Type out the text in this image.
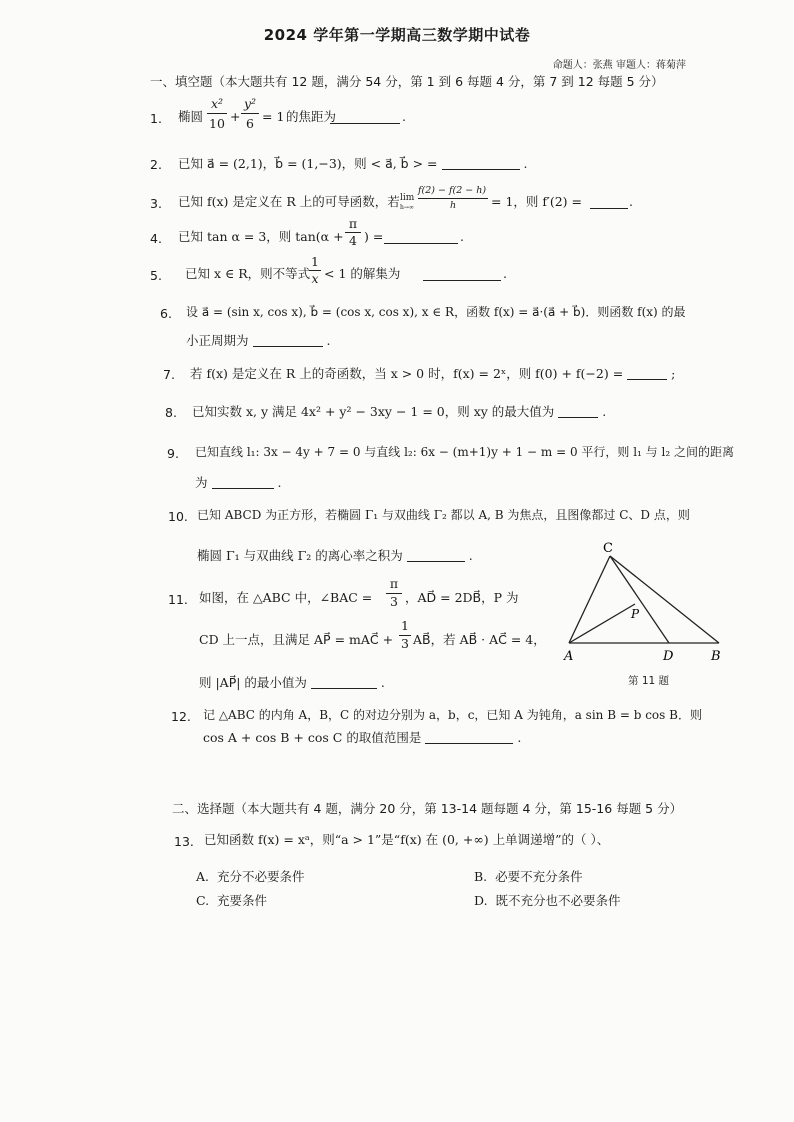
2024 学年第一学期高三数学期中试卷
命题人：张燕 审题人：蒋菊萍
一、填空题（本大题共有 12 题，满分 54 分，第 1 到 6 每题 4 分，第 7 到 12 每题 5 分）
1. 椭圆
x²
10 +
y²
6 = 1 的焦距为	.
2. 已知 a⃗ = (2,1)，b⃗ = (1,−3)，则 < a⃗, b⃗ > =	.
3. 已知 f(x) 是定义在 R 上的可导函数，若 lim
h→∞
f(2) − f(2 − h)
h	= 1，则 f′(2) =	.
4. 已知 tan α = 3，则 tan(α +
π
4 ) =	.
5. 已知 x ∈ R，则不等式
1
x < 1 的解集为	.
6. 设 a⃗ = (sin x, cos x), b⃗ = (cos x, cos x), x ∈ R，函数 f(x) = a⃗·(a⃗ + b⃗)．则函数 f(x) 的最
小正周期为	.
7. 若 f(x) 是定义在 R 上的奇函数，当 x > 0 时，f(x) = 2ˣ，则 f(0) + f(−2) =	;
8. 已知实数 x, y 满足 4x² + y² − 3xy − 1 = 0，则 xy 的最大值为	.
9. 已知直线 l₁: 3x − 4y + 7 = 0 与直线 l₂: 6x − (m+1)y + 1 − m = 0 平行，则 l₁ 与 l₂ 之间的距离
为	.
10. 已知 ABCD 为正方形，若椭圆 Γ₁ 与双曲线 Γ₂ 都以 A, B 为焦点，且图像都过 C、D 点，则
椭圆 Γ₁ 与双曲线 Γ₂ 的离心率之积为	.
11. 如图，在 △ABC 中，∠BAC =
π
3 ，AD⃗ = 2DB⃗，P 为
CD 上一点，且满足 AP⃗ = mAC⃗ +
1
3 AB⃗，若 AB⃗ · AC⃗ = 4，
则 |AP⃗| 的最小值为	.
C
P
A	D	B
第 11 题
12. 记 △ABC 的内角 A，B，C 的对边分别为 a，b，c，已知 A 为钝角，a sin B = b cos B．则
cos A + cos B + cos C 的取值范围是	.
二、选择题（本大题共有 4 题，满分 20 分，第 13-14 题每题 4 分，第 15-16 每题 5 分）
13. 已知函数 f(x) = xᵃ，则“a > 1”是“f(x) 在 (0, +∞) 上单调递增”的（ ）、
A. 充分不必要条件	B. 必要不充分条件
C. 充要条件	D. 既不充分也不必要条件
